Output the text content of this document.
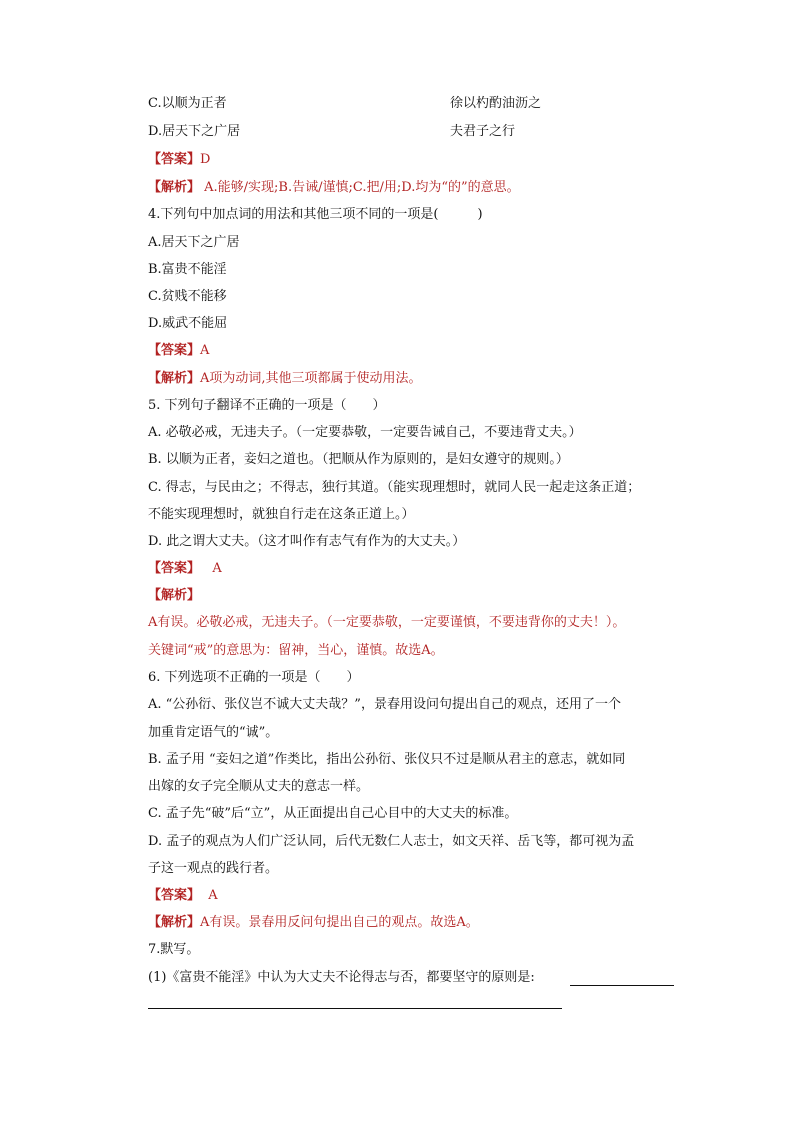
C.以顺为正者	徐以杓酌油沥之
D.居天下之广居	夫君子之行
【答案】D
【解析】 A.能够/实现;B.告诫/谨慎;C.把/用;D.均为“的”的意思。
4.下列句中加点词的用法和其他三项不同的一项是(　　　)
A.居天下之广居
B.富贵不能淫
C.贫贱不能移
D.威武不能屈
【答案】A
【解析】A项为动词,其他三项都属于使动用法。
5. 下列句子翻译不正确的一项是（　　）
A. 必敬必戒，无违夫子。（一定要恭敬，一定要告诫自己，不要违背丈夫。）
B. 以顺为正者，妾妇之道也。（把顺从作为原则的，是妇女遵守的规则。）
C. 得志，与民由之；不得志，独行其道。（能实现理想时，就同人民一起走这条正道；
不能实现理想时，就独自行走在这条正道上。）
D. 此之谓大丈夫。（这才叫作有志气有作为的大丈夫。）
【答案】 A
【解析】
A有误。必敬必戒，无违夫子。（一定要恭敬，一定要谨慎，不要违背你的丈夫！）。
关键词“戒”的意思为：留神，当心，谨慎。故选A。
6. 下列选项不正确的一项是（　　）
A. “公孙衍、张仪岂不诚大丈夫哉？”，景春用设问句提出自己的观点，还用了一个
加重肯定语气的“诚”。
B. 孟子用 “妾妇之道”作类比，指出公孙衍、张仪只不过是顺从君主的意志，就如同
出嫁的女子完全顺从丈夫的意志一样。
C. 孟子先“破”后“立”，从正面提出自己心目中的大丈夫的标准。
D. 孟子的观点为人们广泛认同，后代无数仁人志士，如文天祥、岳飞等，都可视为孟
子这一观点的践行者。
【答案】 A
【解析】A有误。景春用反问句提出自己的观点。故选A。
7.默写。
(1)《富贵不能淫》中认为大丈夫不论得志与否，都要坚守的原则是:
